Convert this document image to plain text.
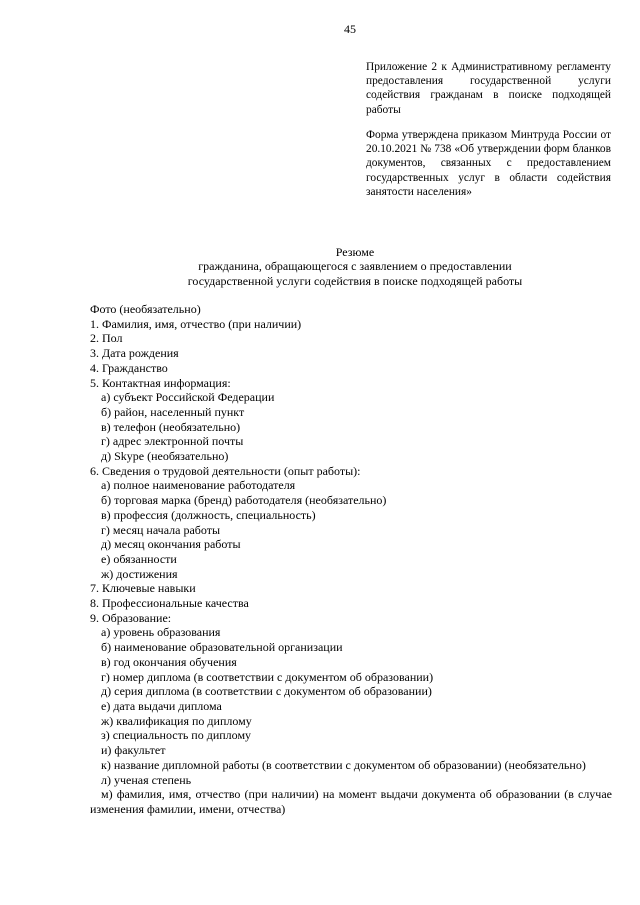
45
Приложение 2 к Административному регламенту предоставления государственной услуги содействия гражданам в поиске подходящей работы
Форма утверждена приказом Минтруда России от 20.10.2021 № 738 «Об утверждении форм бланков документов, связанных с предоставлением государственных услуг в области содействия занятости населения»
Резюме
гражданина, обращающегося с заявлением о предоставлении
государственной услуги содействия в поиске подходящей работы
Фото (необязательно)
1. Фамилия, имя, отчество (при наличии)
2. Пол
3. Дата рождения
4. Гражданство
5. Контактная информация:
а) субъект Российской Федерации
б) район, населенный пункт
в) телефон (необязательно)
г) адрес электронной почты
д) Skype (необязательно)
6. Сведения о трудовой деятельности (опыт работы):
а) полное наименование работодателя
б) торговая марка (бренд) работодателя (необязательно)
в) профессия (должность, специальность)
г) месяц начала работы
д) месяц окончания работы
е) обязанности
ж) достижения
7. Ключевые навыки
8. Профессиональные качества
9. Образование:
а) уровень образования
б) наименование образовательной организации
в) год окончания обучения
г) номер диплома (в соответствии с документом об образовании)
д) серия диплома (в соответствии с документом об образовании)
е) дата выдачи диплома
ж) квалификация по диплому
з) специальность по диплому
и) факультет
к) название дипломной работы (в соответствии с документом об образовании) (необязательно)
л) ученая степень
м) фамилия, имя, отчество (при наличии) на момент выдачи документа об образовании (в случае изменения фамилии, имени, отчества)
